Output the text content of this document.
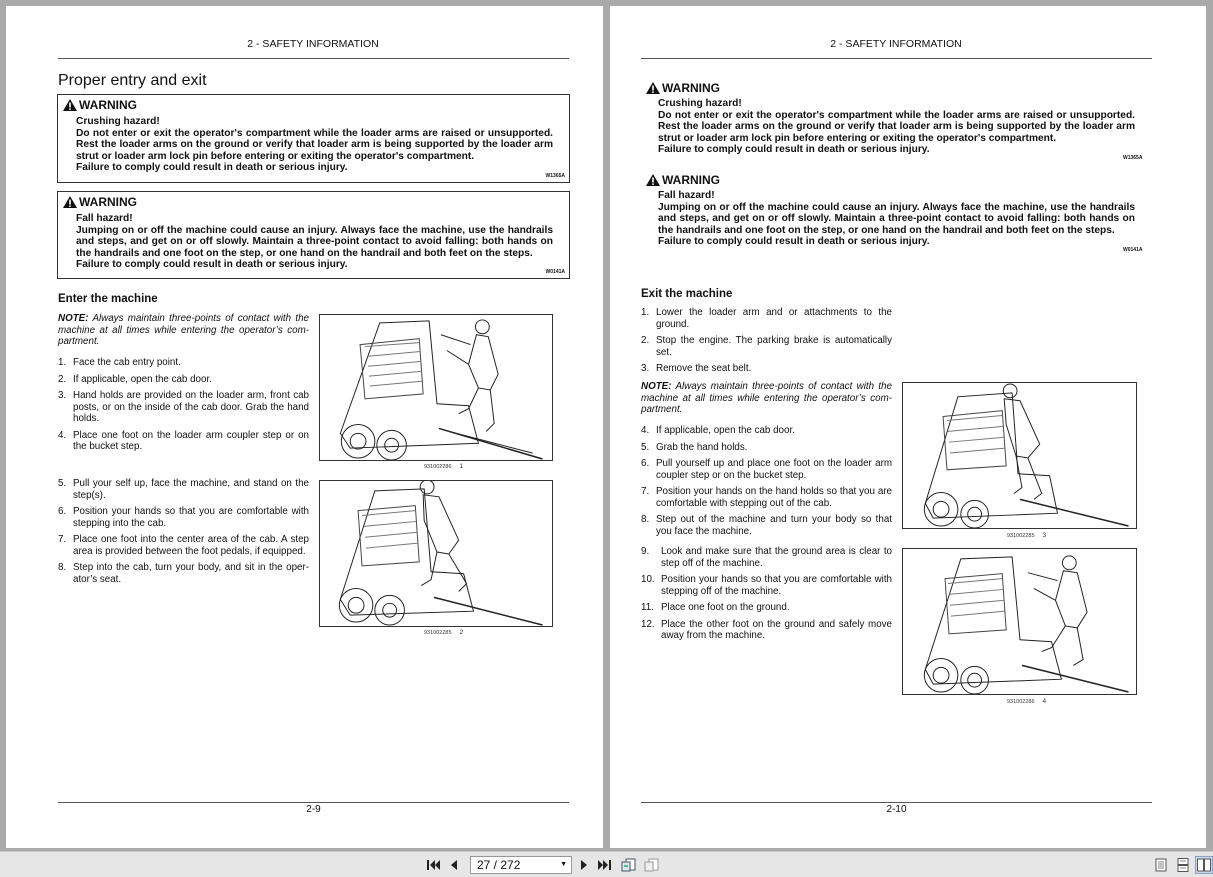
2 - SAFETY INFORMATION
Proper entry and exit
WARNING
Crushing hazard!
Do not enter or exit the operator's compartment while the loader arms are raised or unsupported. Rest the loader arms on the ground or verify that loader arm is being supported by the loader arm strut or loader arm lock pin before entering or exiting the operator's compartment.
Failure to comply could result in death or serious injury.
W1365A
WARNING
Fall hazard!
Jumping on or off the machine could cause an injury. Always face the machine, use the handrails and steps, and get on or off slowly. Maintain a three-point contact to avoid falling: both hands on the handrails and one foot on the step, or one hand on the handrail and both feet on the steps.
Failure to comply could result in death or serious injury.
W0141A
Enter the machine
NOTE: Always maintain three-points of contact with the machine at all times while entering the operator’s com-partment.
1. Face the cab entry point.
2. If applicable, open the cab door.
3. Hand holds are provided on the loader arm, front cab posts, or on the inside of the cab door. Grab the hand holds.
4. Place one foot on the loader arm coupler step or on the bucket step.
5. Pull your self up, face the machine, and stand on the step(s).
6. Position your hands so that you are comfortable with stepping into the cab.
7. Place one foot into the center area of the cab. A step area is provided between the foot pedals, if equipped.
8. Step into the cab, turn your body, and sit in the oper-ator’s seat.
931002286 1
931002285 2
2-9
2 - SAFETY INFORMATION
WARNING
Crushing hazard!
Do not enter or exit the operator's compartment while the loader arms are raised or unsupported. Rest the loader arms on the ground or verify that loader arm is being supported by the loader arm strut or loader arm lock pin before entering or exiting the operator's compartment.
Failure to comply could result in death or serious injury.
W1365A
WARNING
Fall hazard!
Jumping on or off the machine could cause an injury. Always face the machine, use the handrails and steps, and get on or off slowly. Maintain a three-point contact to avoid falling: both hands on the handrails and one foot on the step, or one hand on the handrail and both feet on the steps.
Failure to comply could result in death or serious injury.
W0141A
Exit the machine
1. Lower the loader arm and or attachments to the ground.
2. Stop the engine. The parking brake is automatically set.
3. Remove the seat belt.
NOTE: Always maintain three-points of contact with the machine at all times while entering the operator’s com-partment.
4. If applicable, open the cab door.
5. Grab the hand holds.
6. Pull yourself up and place one foot on the loader arm coupler step or on the bucket step.
7. Position your hands on the hand holds so that you are comfortable with stepping out of the cab.
8. Step out of the machine and turn your body so that you face the machine.
9.	Look and make sure that the ground area is clear to step off of the machine.
10. Position your hands so that you are comfortable with stepping off of the machine.
11. Place one foot on the ground.
12. Place the other foot on the ground and safely move away from the machine.
931002285 3
931002286 4
2-10
27 / 272	▼
